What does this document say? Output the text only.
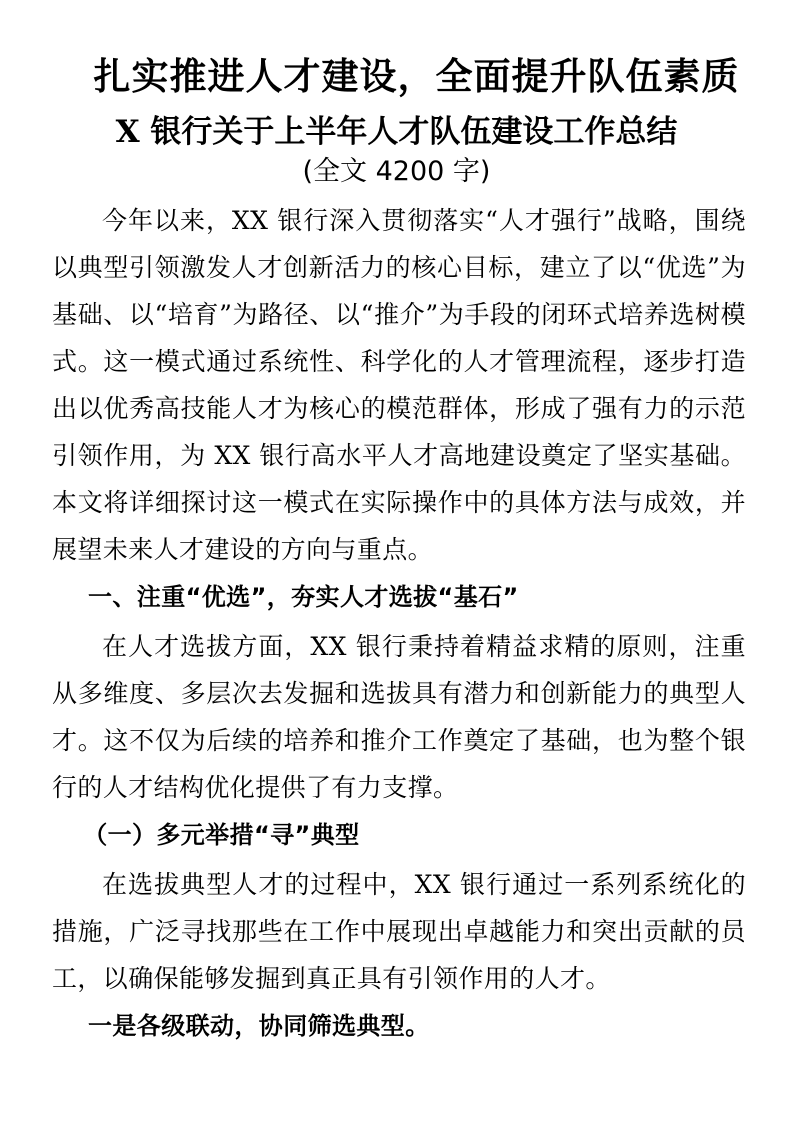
扎实推进人才建设，全面提升队伍素质
X 银行关于上半年人才队伍建设工作总结
(全文 4200 字)

今年以来，XX 银行深入贯彻落实“人才强行”战略，围绕以典型引领激发人才创新活力的核心目标，建立了以“优选”为基础、以“培育”为路径、以“推介”为手段的闭环式培养选树模式。这一模式通过系统性、科学化的人才管理流程，逐步打造出以优秀高技能人才为核心的模范群体，形成了强有力的示范引领作用，为 XX 银行高水平人才高地建设奠定了坚实基础。本文将详细探讨这一模式在实际操作中的具体方法与成效，并展望未来人才建设的方向与重点。

一、注重“优选”，夯实人才选拔“基石”

在人才选拔方面，XX 银行秉持着精益求精的原则，注重从多维度、多层次去发掘和选拔具有潜力和创新能力的典型人才。这不仅为后续的培养和推介工作奠定了基础，也为整个银行的人才结构优化提供了有力支撑。

（一）多元举措“寻”典型

在选拔典型人才的过程中，XX 银行通过一系列系统化的措施，广泛寻找那些在工作中展现出卓越能力和突出贡献的员工，以确保能够发掘到真正具有引领作用的人才。

一是各级联动，协同筛选典型。
